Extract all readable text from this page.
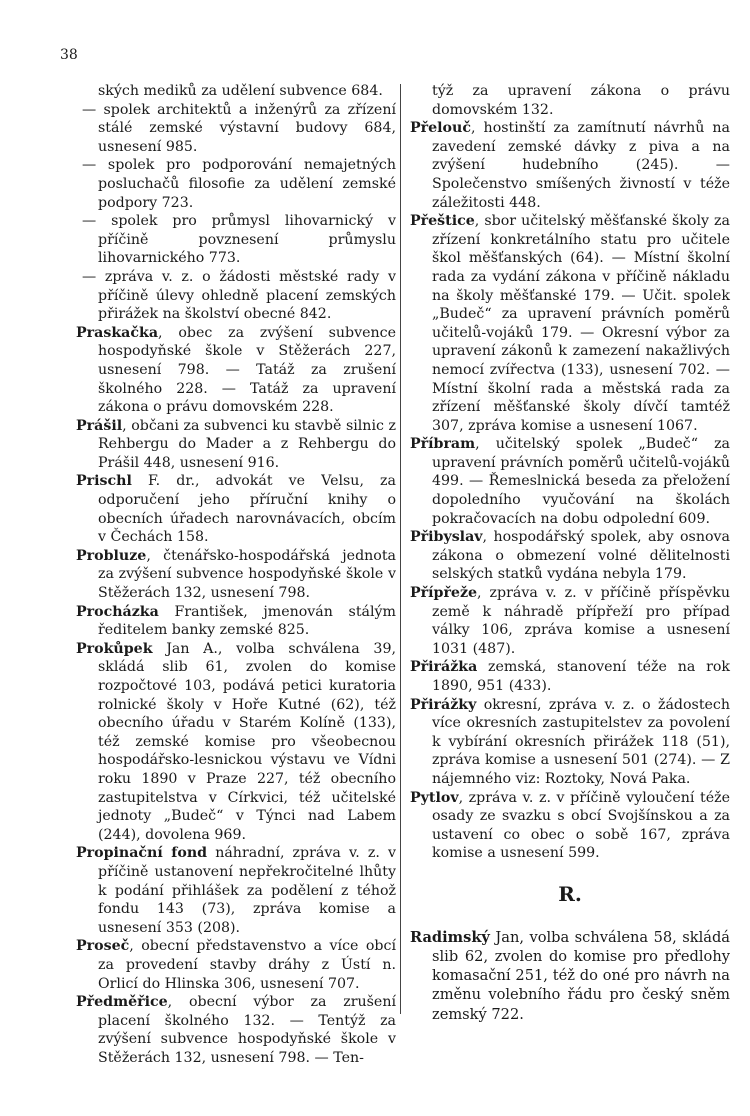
38

ských mediků za udělení subvence 684.

— spolek architektů a inženýrů za zřízení stálé zemské výstavní budovy 684, usnesení 985.

— spolek pro podporování nemajetných posluchačů filosofie za udělení zemské podpory 723.

— spolek pro průmysl lihovarnický v příčině povznesení průmyslu lihovarnického 773.

— zpráva v. z. o žádosti městské rady v příčině úlevy ohledně placení zemských přirážek na školství obecné 842.

Praskačka, obec za zvýšení subvence hospodyňské škole v Stěžerách 227, usnesení 798. — Tatáž za zrušení školného 228. — Tatáž za upravení zákona o právu domovském 228.

Prášil, občani za subvenci ku stavbě silnic z Rehbergu do Mader a z Rehbergu do Prášil 448, usnesení 916.

Prischl F. dr., advokát ve Velsu, za odporučení jeho příruční knihy o obecních úřadech narovnávacích, obcím v Čechách 158.

Probluze, čtenářsko-hospodářská jednota za zvýšení subvence hospodyňské škole v Stěžerách 132, usnesení 798.

Procházka František, jmenován stálým ředitelem banky zemské 825.

Prokůpek Jan A., volba schválena 39, skládá slib 61, zvolen do komise rozpočtové 103, podává petici kuratoria rolnické školy v Hoře Kutné (62), též obecního úřadu v Starém Kolíně (133), též zemské komise pro všeobecnou hospodářsko-lesnickou výstavu ve Vídni roku 1890 v Praze 227, též obecního zastupitelstva v Církvici, též učitelské jednoty „Budeč“ v Týnci nad Labem (244), dovolena 969.

Propinační fond náhradní, zpráva v. z. v příčině ustanovení nepřekročitelné lhůty k podání přihlášek za podělení z téhož fondu 143 (73), zpráva komise a usnesení 353 (208).

Proseč, obecní představenstvo a více obcí za provedení stavby dráhy z Ústí n. Orlicí do Hlinska 306, usnesení 707.

Předměřice, obecní výbor za zrušení placení školného 132. — Tentýž za zvýšení subvence hospodyňské škole v Stěžerách 132, usnesení 798. — Ten-

týž za upravení zákona o právu domovském 132.

Přelouč, hostinští za zamítnutí návrhů na zavedení zemské dávky z piva a na zvýšení hudebního (245). — Společenstvo smíšených živností v téže záležitosti 448.

Přeštice, sbor učitelský měšťanské školy za zřízení konkretálního statu pro učitele škol měšťanských (64). — Místní školní rada za vydání zákona v příčině nákladu na školy měšťanské 179. — Učit. spolek „Budeč“ za upravení právních poměrů učitelů-vojáků 179. — Okresní výbor za upravení zákonů k zamezení nakažlivých nemocí zvířectva (133), usnesení 702. — Místní školní rada a městská rada za zřízení měšťanské školy dívčí tamtéž 307, zpráva komise a usnesení 1067.

Příbram, učitelský spolek „Budeč“ za upravení právních poměrů učitelů-vojáků 499. — Řemeslnická beseda za přeložení dopoledního vyučování na školách pokračovacích na dobu odpolední 609.

Přibyslav, hospodářský spolek, aby osnova zákona o obmezení volné dělitelnosti selských statků vydána nebyla 179.

Přípřeže, zpráva v. z. v příčině příspěvku země k náhradě přípřeží pro případ války 106, zpráva komise a usnesení 1031 (487).

Přirážka zemská, stanovení téže na rok 1890, 951 (433).

Přirážky okresní, zpráva v. z. o žádostech více okresních zastupitelstev za povolení k vybírání okresních přirážek 118 (51), zpráva komise a usnesení 501 (274). — Z nájemného viz: Roztoky, Nová Paka.

Pytlov, zpráva v. z. v příčině vyloučení téže osady ze svazku s obcí Svojšínskou a za ustavení co obec o sobě 167, zpráva komise a usnesení 599.

R.

Radimský Jan, volba schválena 58, skládá slib 62, zvolen do komise pro předlohy komasační 251, též do oné pro návrh na změnu volebního řádu pro český sněm zemský 722.
